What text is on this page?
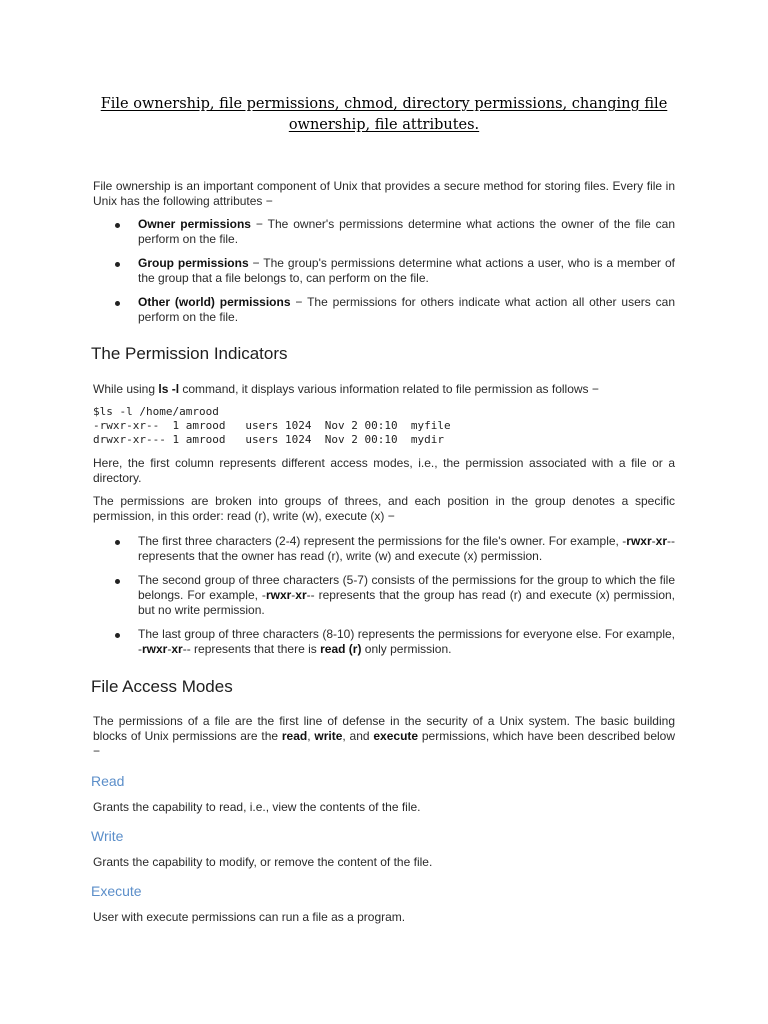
File ownership, file permissions, chmod, directory permissions, changing file ownership, file attributes.
File ownership is an important component of Unix that provides a secure method for storing files. Every file in Unix has the following attributes −
Owner permissions − The owner's permissions determine what actions the owner of the file can perform on the file.
Group permissions − The group's permissions determine what actions a user, who is a member of the group that a file belongs to, can perform on the file.
Other (world) permissions − The permissions for others indicate what action all other users can perform on the file.
The Permission Indicators
While using ls -l command, it displays various information related to file permission as follows −
$ls -l /home/amrood
-rwxr-xr--  1 amrood   users 1024  Nov 2 00:10  myfile
drwxr-xr--- 1 amrood   users 1024  Nov 2 00:10  mydir
Here, the first column represents different access modes, i.e., the permission associated with a file or a directory.
The permissions are broken into groups of threes, and each position in the group denotes a specific permission, in this order: read (r), write (w), execute (x) −
The first three characters (2-4) represent the permissions for the file's owner. For example, -rwxr-xr-- represents that the owner has read (r), write (w) and execute (x) permission.
The second group of three characters (5-7) consists of the permissions for the group to which the file belongs. For example, -rwxr-xr-- represents that the group has read (r) and execute (x) permission, but no write permission.
The last group of three characters (8-10) represents the permissions for everyone else. For example, -rwxr-xr-- represents that there is read (r) only permission.
File Access Modes
The permissions of a file are the first line of defense in the security of a Unix system. The basic building blocks of Unix permissions are the read, write, and execute permissions, which have been described below −
Read
Grants the capability to read, i.e., view the contents of the file.
Write
Grants the capability to modify, or remove the content of the file.
Execute
User with execute permissions can run a file as a program.
